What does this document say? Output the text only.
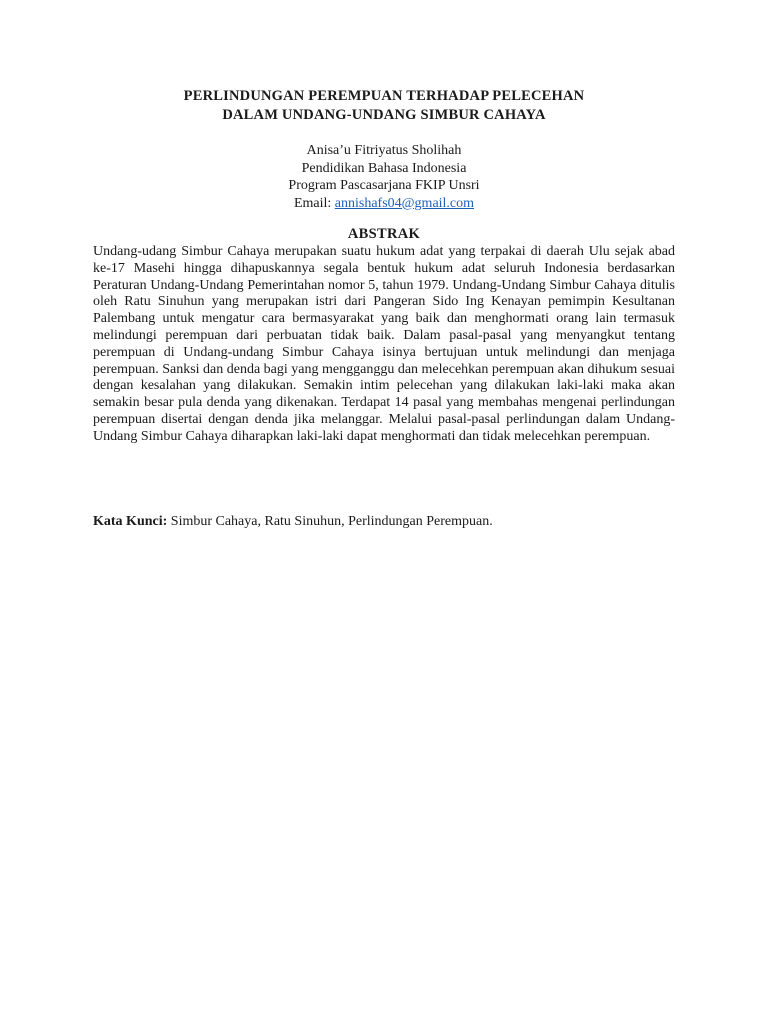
PERLINDUNGAN PEREMPUAN TERHADAP PELECEHAN
DALAM UNDANG-UNDANG SIMBUR CAHAYA
Anisa’u Fitriyatus Sholihah
Pendidikan Bahasa Indonesia
Program Pascasarjana FKIP Unsri
Email: annishafs04@gmail.com
ABSTRAK
Undang-udang Simbur Cahaya merupakan suatu hukum adat yang terpakai di daerah Ulu sejak abad ke-17 Masehi hingga dihapuskannya segala bentuk hukum adat seluruh Indonesia berdasarkan Peraturan Undang-Undang Pemerintahan nomor 5, tahun 1979. Undang-Undang Simbur Cahaya ditulis oleh Ratu Sinuhun yang merupakan istri dari Pangeran Sido Ing Kenayan pemimpin Kesultanan Palembang untuk mengatur cara bermasyarakat yang baik dan menghormati orang lain termasuk melindungi perempuan dari perbuatan tidak baik. Dalam pasal-pasal yang menyangkut tentang perempuan di Undang-undang Simbur Cahaya isinya bertujuan untuk melindungi dan menjaga perempuan. Sanksi dan denda bagi yang mengganggu dan melecehkan perempuan akan dihukum sesuai dengan kesalahan yang dilakukan. Semakin intim pelecehan yang dilakukan laki-laki maka akan semakin besar pula denda yang dikenakan. Terdapat 14 pasal yang membahas mengenai perlindungan perempuan disertai dengan denda jika melanggar. Melalui pasal-pasal perlindungan dalam Undang-Undang Simbur Cahaya diharapkan laki-laki dapat menghormati dan tidak melecehkan perempuan.
Kata Kunci: Simbur Cahaya, Ratu Sinuhun, Perlindungan Perempuan.
